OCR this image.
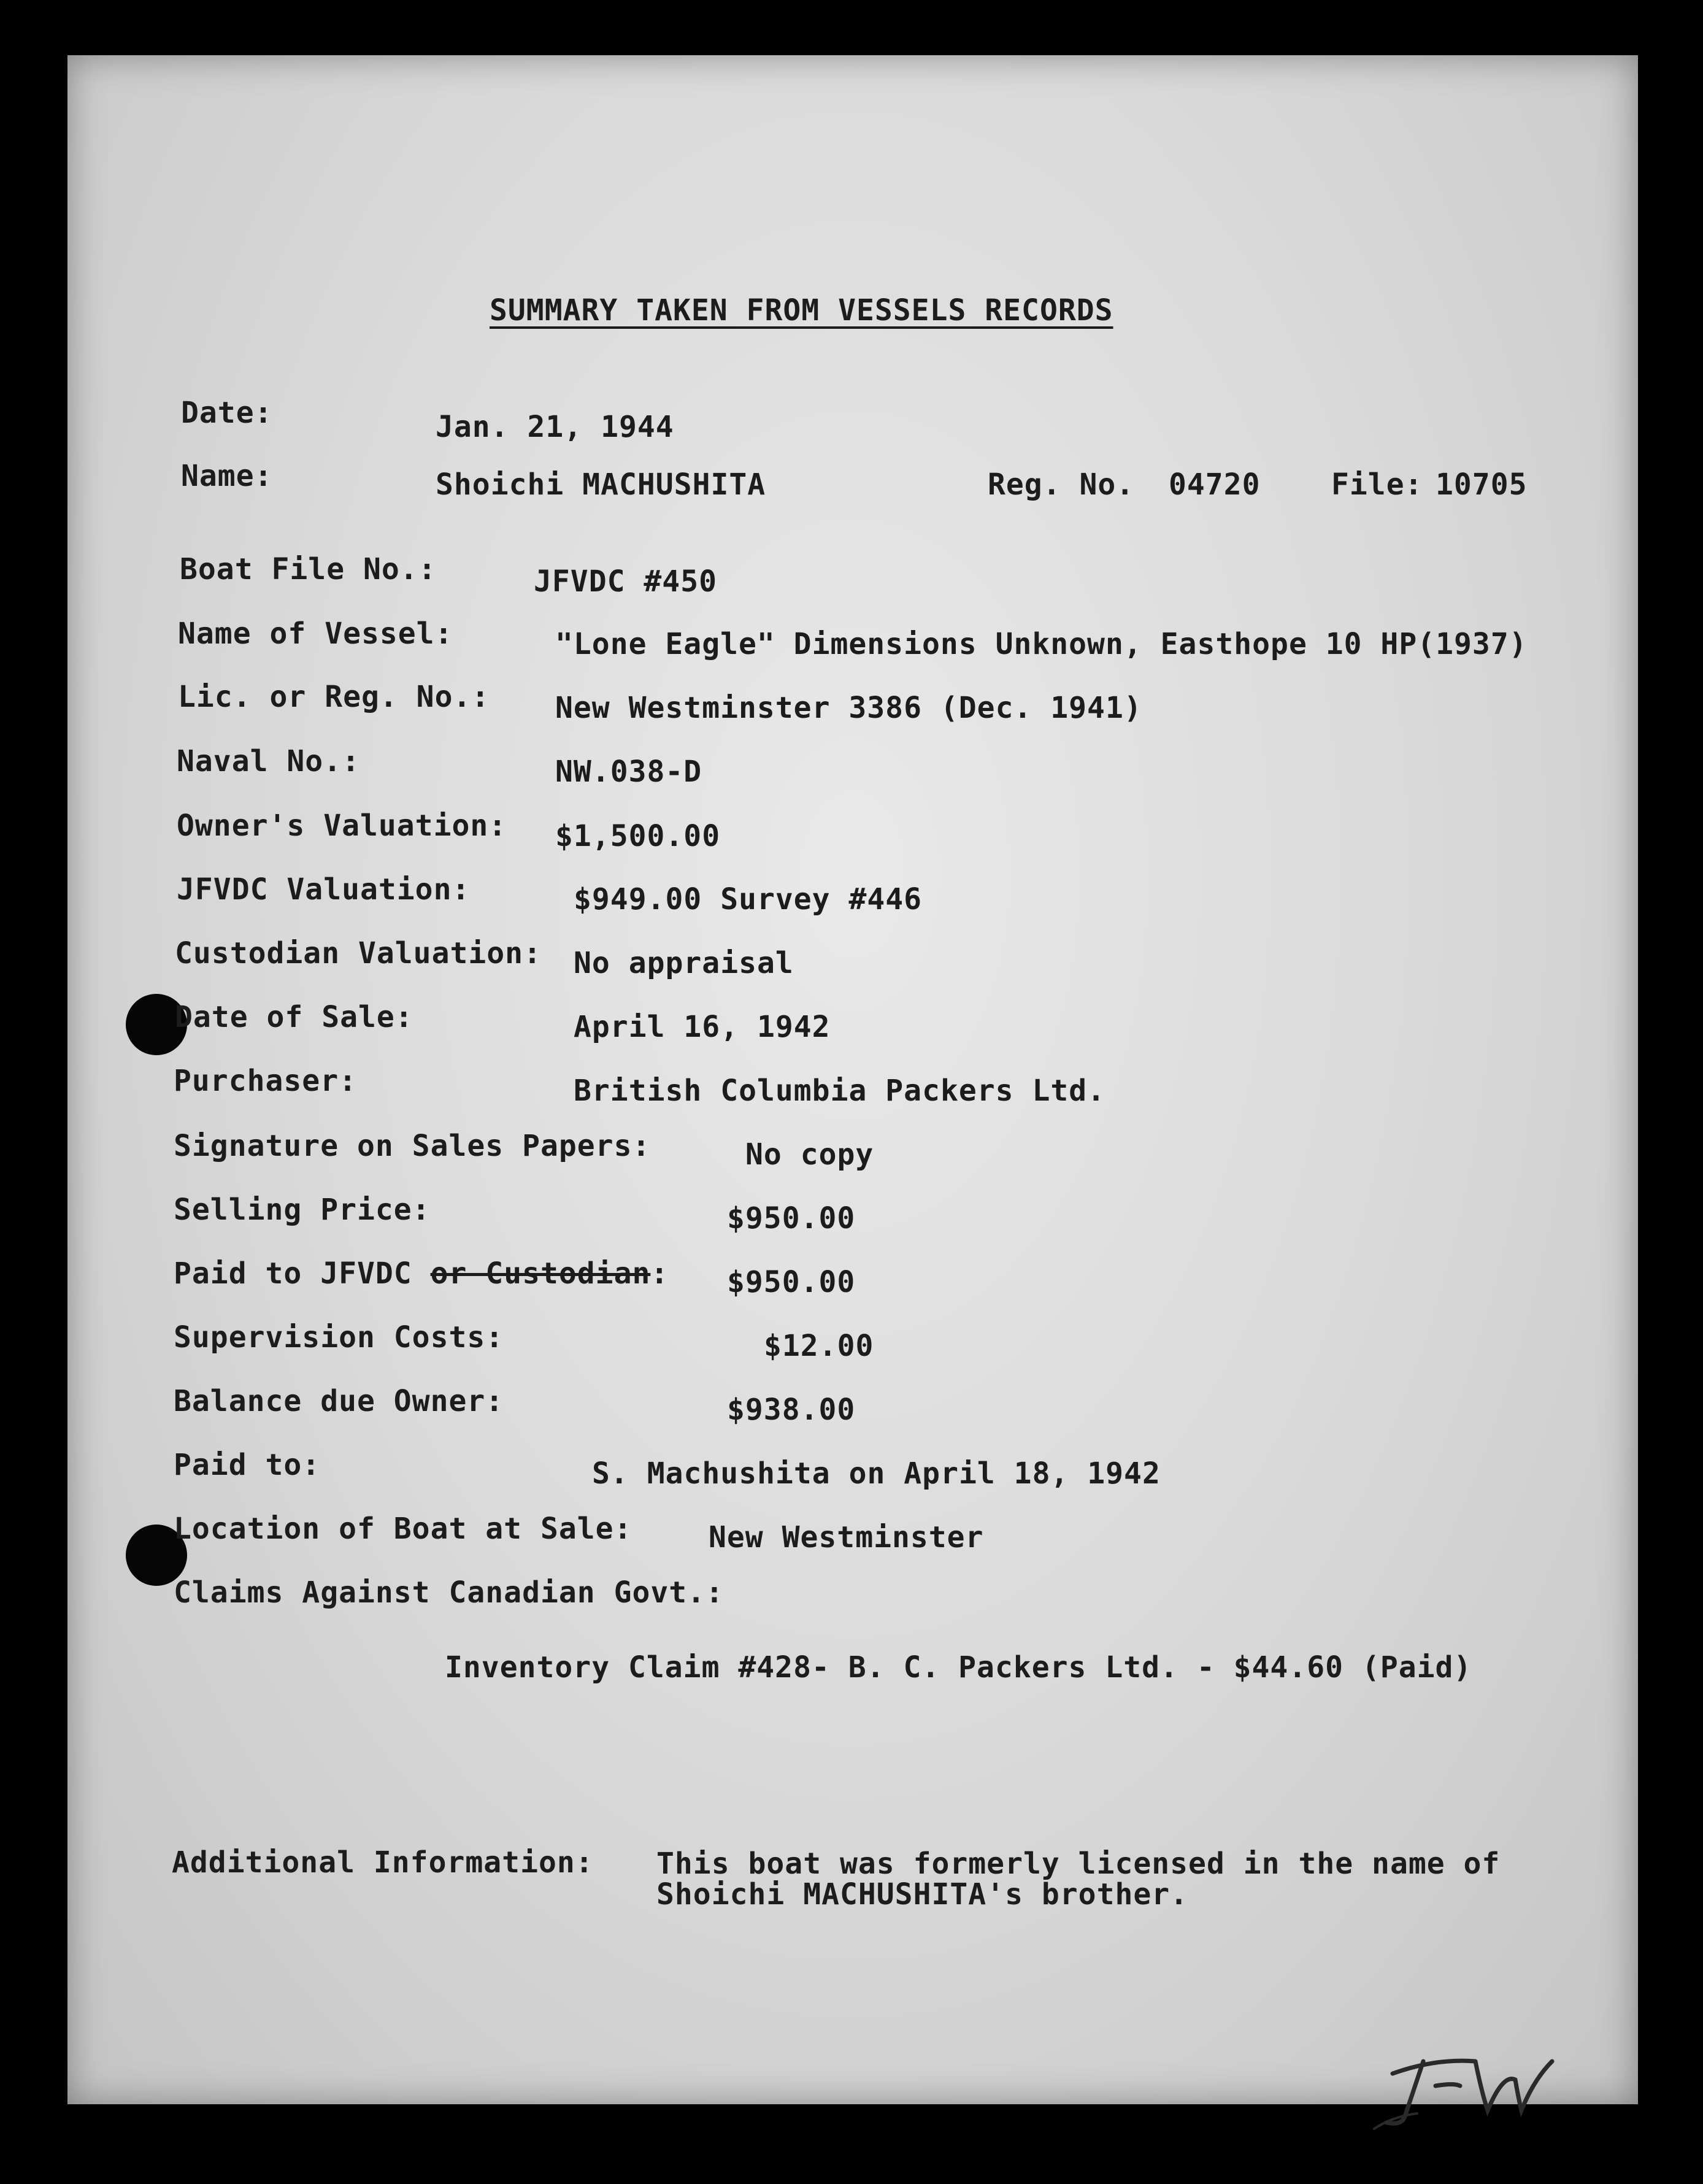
SUMMARY TAKEN FROM VESSELS RECORDS
Date:	Jan. 21, 1944
Name:	Shoichi MACHUSHITA	Reg. No. 04720 File: 10705
Boat File No.:	JFVDC #450
Name of Vessel:	"Lone Eagle" Dimensions Unknown, Easthope 10 HP(1937)
Lic. or Reg. No.: New Westminster 3386 (Dec. 1941)
Naval No.:	NW.038-D
Owner's Valuation: $1,500.00
JFVDC Valuation:	$949.00 Survey #446
Custodian Valuation: No appraisal
Date of Sale:	April 16, 1942
Purchaser:	British Columbia Packers Ltd.
Signature on Sales Papers:	No copy
Selling Price:	$950.00
Paid to JFVDC or Custodian: $950.00
Supervision Costs:	$12.00
Balance due Owner:	$938.00
Paid to:	S. Machushita on April 18, 1942
Location of Boat at Sale:	New Westminster
Claims Against Canadian Govt.:
Inventory Claim #428- B. C. Packers Ltd. - $44.60 (Paid)
Additional Information: This boat was formerly licensed in the name of
Shoichi MACHUSHITA's brother.
